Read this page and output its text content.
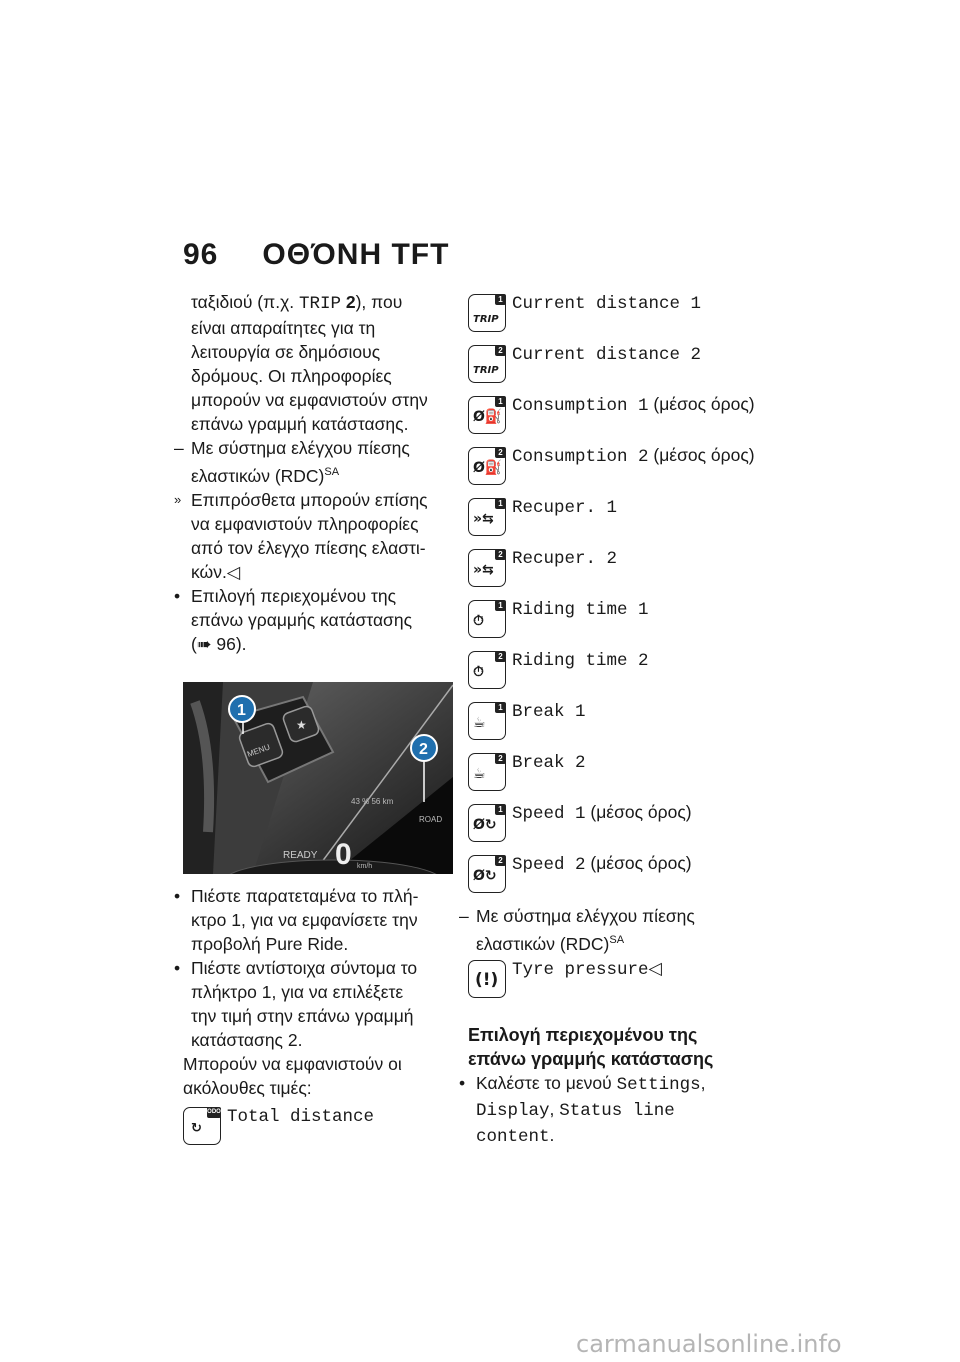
96 ΟΘΌΝΗ TFT
ταξιδιού (π.χ. TRIP 2), που
είναι απαραίτητες για τη
λειτουργία σε δημόσιους
δρόμους. Οι πληροφορίες
μπορούν να εμφανιστούν στην
επάνω γραμμή κατάστασης.
– Με σύστημα ελέγχου πίεσης
ελαστικών (RDC)$^{SA}$
» Επιπρόσθετα μπορούν επίσης
να εμφανιστούν πληροφορίες
από τον έλεγχο πίεσης ελαστι-
κών.◁
• Επιλογή περιεχομένου της
επάνω γραμμής κατάστασης
(➠ 96).
MENU
★
43 % 56 km
ROAD
READY 0 km/h
1
2
• Πιέστε παρατεταμένα το πλή-
κτρο 1, για να εμφανίσετε την
προβολή Pure Ride.
• Πιέστε αντίστοιχα σύντομα το
πλήκτρο 1, για να επιλέξετε
την τιμή στην επάνω γραμμή
κατάστασης 2.
Μπορούν να εμφανιστούν οι
ακόλουθες τιμές:
↻
ODO Total distance
TRIP
1 Current distance 1
TRIP
2 Current distance 2
Ø⛽
1 Consumption 1 (μέσος όρος)
Ø⛽
2 Consumption 2 (μέσος όρος)
»⇆
1 Recuper. 1
»⇆
2 Recuper. 2
⏱
1 Riding time 1
⏱
2 Riding time 2
☕
1 Break 1
☕
2 Break 2
Ø↻
1 Speed 1 (μέσος όρος)
Ø↻
2 Speed 2 (μέσος όρος)
– Με σύστημα ελέγχου πίεσης
ελαστικών (RDC)$^{SA}$
(!) Tyre pressure◁
Επιλογή περιεχομένου της
επάνω γραμμής κατάστασης
• Καλέστε το μενού Settings,
Display, Status line
content.
carmanualsonline.info
